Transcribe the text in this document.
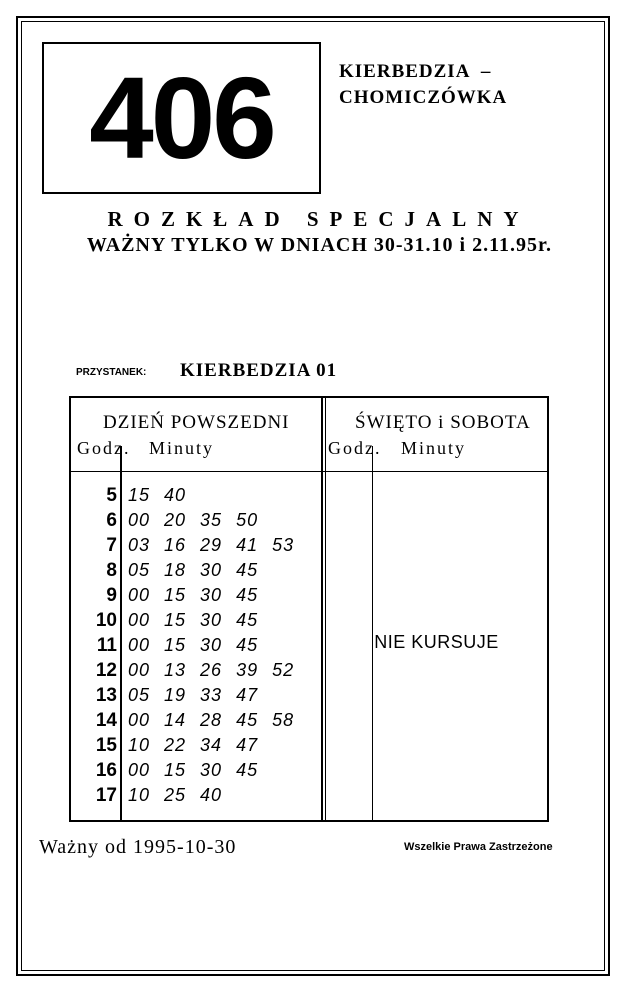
406	KIERBEDZIA  –
CHOMICZÓWKA
ROZKŁAD SPECJALNY
WAŻNY TYLKO W DNIACH 30-31.10 i 2.11.95r.
PRZYSTANEK: KIERBEDZIA 01
DZIEŃ POWSZEDNI
Godz. Minuty
ŚWIĘTO i SOBOTA
Godz. Minuty
5 15 40
6 00 20 35 50
7 03 16 29 41 53
8 05 18 30 45
9 00 15 30 45
10 00 15 30 45
11 00 15 30 45
12 00 13 26 39 52
13 05 19 33 47
14 00 14 28 45 58
15 10 22 34 47
16 00 15 30 45
17 10 25 40
NIE KURSUJE
Ważny od 1995-10-30	Wszelkie Prawa Zastrzeżone
